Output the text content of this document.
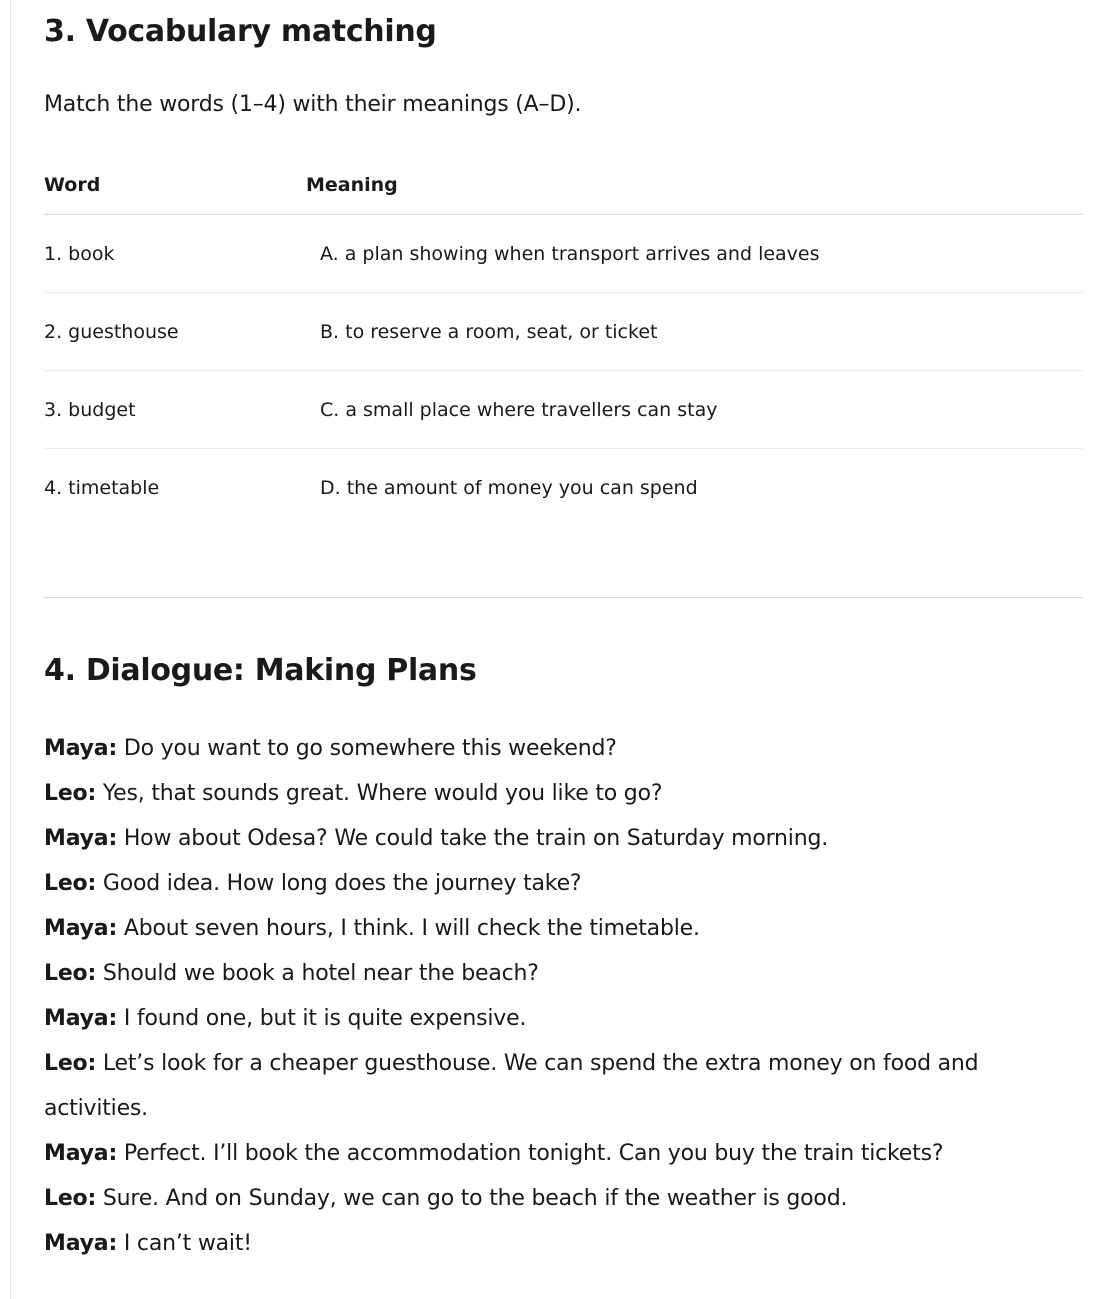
3. Vocabulary matching

Match the words (1–4) with their meanings (A–D).

Word	Meaning
1. book	A. a plan showing when transport arrives and leaves
2. guesthouse	B. to reserve a room, seat, or ticket
3. budget	C. a small place where travellers can stay
4. timetable	D. the amount of money you can spend
4. Dialogue: Making Plans

Maya: Do you want to go somewhere this weekend?

Leo: Yes, that sounds great. Where would you like to go?

Maya: How about Odesa? We could take the train on Saturday morning.

Leo: Good idea. How long does the journey take?

Maya: About seven hours, I think. I will check the timetable.

Leo: Should we book a hotel near the beach?

Maya: I found one, but it is quite expensive.

Leo: Let’s look for a cheaper guesthouse. We can spend the extra money on food and activities.

Maya: Perfect. I’ll book the accommodation tonight. Can you buy the train tickets?

Leo: Sure. And on Sunday, we can go to the beach if the weather is good.

Maya: I can’t wait!
